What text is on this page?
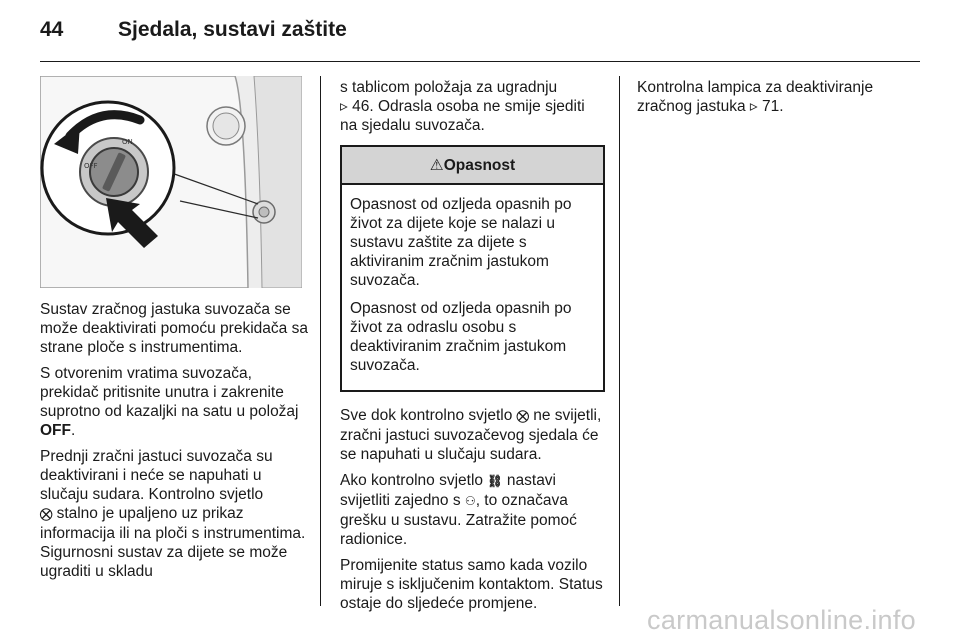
44	Sjedala, sustavi zaštite
ON
OFF

Sustav zračnog jastuka suvozača se može deaktivirati pomoću prekidača sa strane ploče s instrumentima.

S otvorenim vratima suvozača, prekidač pritisnite unutra i zakrenite suprotno od kazaljki na satu u položaj OFF.

Prednji zračni jastuci suvozača su deaktivirani i neće se napuhati u slučaju sudara. Kontrolno svjetlo
⛒ stalno je upaljeno uz prikaz informacija ili na ploči s instrumentima. Sigurnosni sustav za dijete se može ugraditi u skladu

s tablicom položaja za ugradnju
▹ 46. Odrasla osoba ne smije sjediti na sjedalu suvozača.

⚠ Opasnost

Opasnost od ozljeda opasnih po život za dijete koje se nalazi u sustavu zaštite za dijete s aktiviranim zračnim jastukom suvozača.

Opasnost od ozljeda opasnih po život za odraslu osobu s deaktiviranim zračnim jastukom suvozača.

Sve dok kontrolno svjetlo ⛒ ne svijetli, zračni jastuci suvozačevog sjedala će se napuhati u slučaju sudara.

Ako kontrolno svjetlo ⛓ nastavi svijetliti zajedno s ⚇, to označava grešku u sustavu. Zatražite pomoć radionice.

Promijenite status samo kada vozilo miruje s isključenim kontaktom. Status ostaje do sljedeće promjene.

Kontrolna lampica za deaktiviranje zračnog jastuka ▹ 71.

carmanualsonline.info
